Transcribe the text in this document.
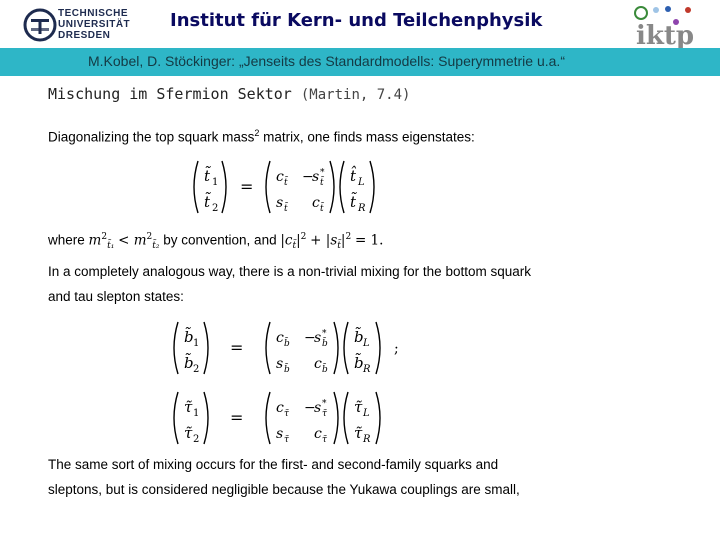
TECHNISCHE
UNIVERSITÄT
DRESDEN
Institut für Kern- und Teilchenphysik
iktp
M.Kobel, D. Stöckinger: „Jenseits des Standardmodells: Superymmetrie u.a.“
Mischung im Sfermion Sektor (Martin, 7.4)
Diagonalizing the top squark mass$^2$ matrix, one finds mass eigenstates:
t̃ 1
t̃ 2
= c t̃ −
s *
t̃
s t̃ c t̃
t̂ L
t̃ R
where $m^2_{t̃_1} < m^2_{t̃_2}$ by convention, and $|c_{t̃}|^2 + |s_{t̃}|^2 = 1$.
In a completely analogous way, there is a non-trivial mixing for the bottom squark
and tau slepton states:
b̃ 1
b̃ 2
= c b̃ −
s *
b̃
s b̃ c b̃
b̃ L
b̃ R
;
τ̃ 1
τ̃ 2
= c τ̃ −
s *
τ̃
s τ̃ c τ̃
τ̃ L
τ̃ R
The same sort of mixing occurs for the first- and second-family squarks and
sleptons, but is considered negligible because the Yukawa couplings are small,
